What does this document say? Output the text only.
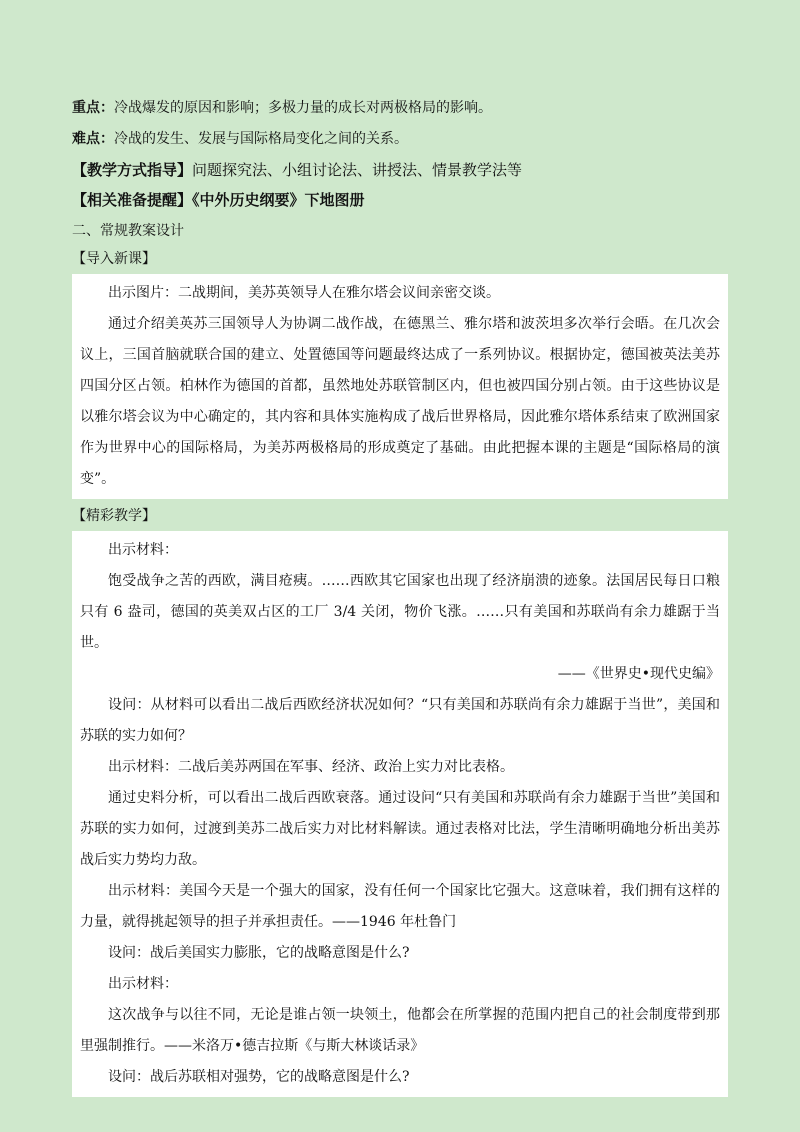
重点：冷战爆发的原因和影响；多极力量的成长对两极格局的影响。
难点：冷战的发生、发展与国际格局变化之间的关系。
【教学方式指导】问题探究法、小组讨论法、讲授法、情景教学法等
【相关准备提醒】《中外历史纲要》下地图册
二、常规教案设计
【导入新课】

出示图片：二战期间，美苏英领导人在雅尔塔会议间亲密交谈。

通过介绍美英苏三国领导人为协调二战作战，在德黑兰、雅尔塔和波茨坦多次举行会晤。在几次会议上，三国首脑就联合国的建立、处置德国等问题最终达成了一系列协议。根据协定，德国被英法美苏四国分区占领。柏林作为德国的首都，虽然地处苏联管制区内，但也被四国分别占领。由于这些协议是以雅尔塔会议为中心确定的，其内容和具体实施构成了战后世界格局，因此雅尔塔体系结束了欧洲国家作为世界中心的国际格局，为美苏两极格局的形成奠定了基础。由此把握本课的主题是“国际格局的演变”。

【精彩教学】

出示材料：

饱受战争之苦的西欧，满目疮痍。……西欧其它国家也出现了经济崩溃的迹象。法国居民每日口粮只有 6 盎司，德国的英美双占区的工厂 3/4 关闭，物价飞涨。……只有美国和苏联尚有余力雄踞于当世。

——《世界史•现代史编》

设问：从材料可以看出二战后西欧经济状况如何？“只有美国和苏联尚有余力雄踞于当世”，美国和苏联的实力如何？

出示材料：二战后美苏两国在军事、经济、政治上实力对比表格。

通过史料分析，可以看出二战后西欧衰落。通过设问“只有美国和苏联尚有余力雄踞于当世”美国和苏联的实力如何，过渡到美苏二战后实力对比材料解读。通过表格对比法，学生清晰明确地分析出美苏战后实力势均力敌。

出示材料：美国今天是一个强大的国家，没有任何一个国家比它强大。这意味着，我们拥有这样的力量，就得挑起领导的担子并承担责任。——1946 年杜鲁门

设问：战后美国实力膨胀，它的战略意图是什么?

出示材料：

这次战争与以往不同，无论是谁占领一块领土，他都会在所掌握的范围内把自己的社会制度带到那里强制推行。——米洛万•德吉拉斯《与斯大林谈话录》

设问：战后苏联相对强势，它的战略意图是什么?
